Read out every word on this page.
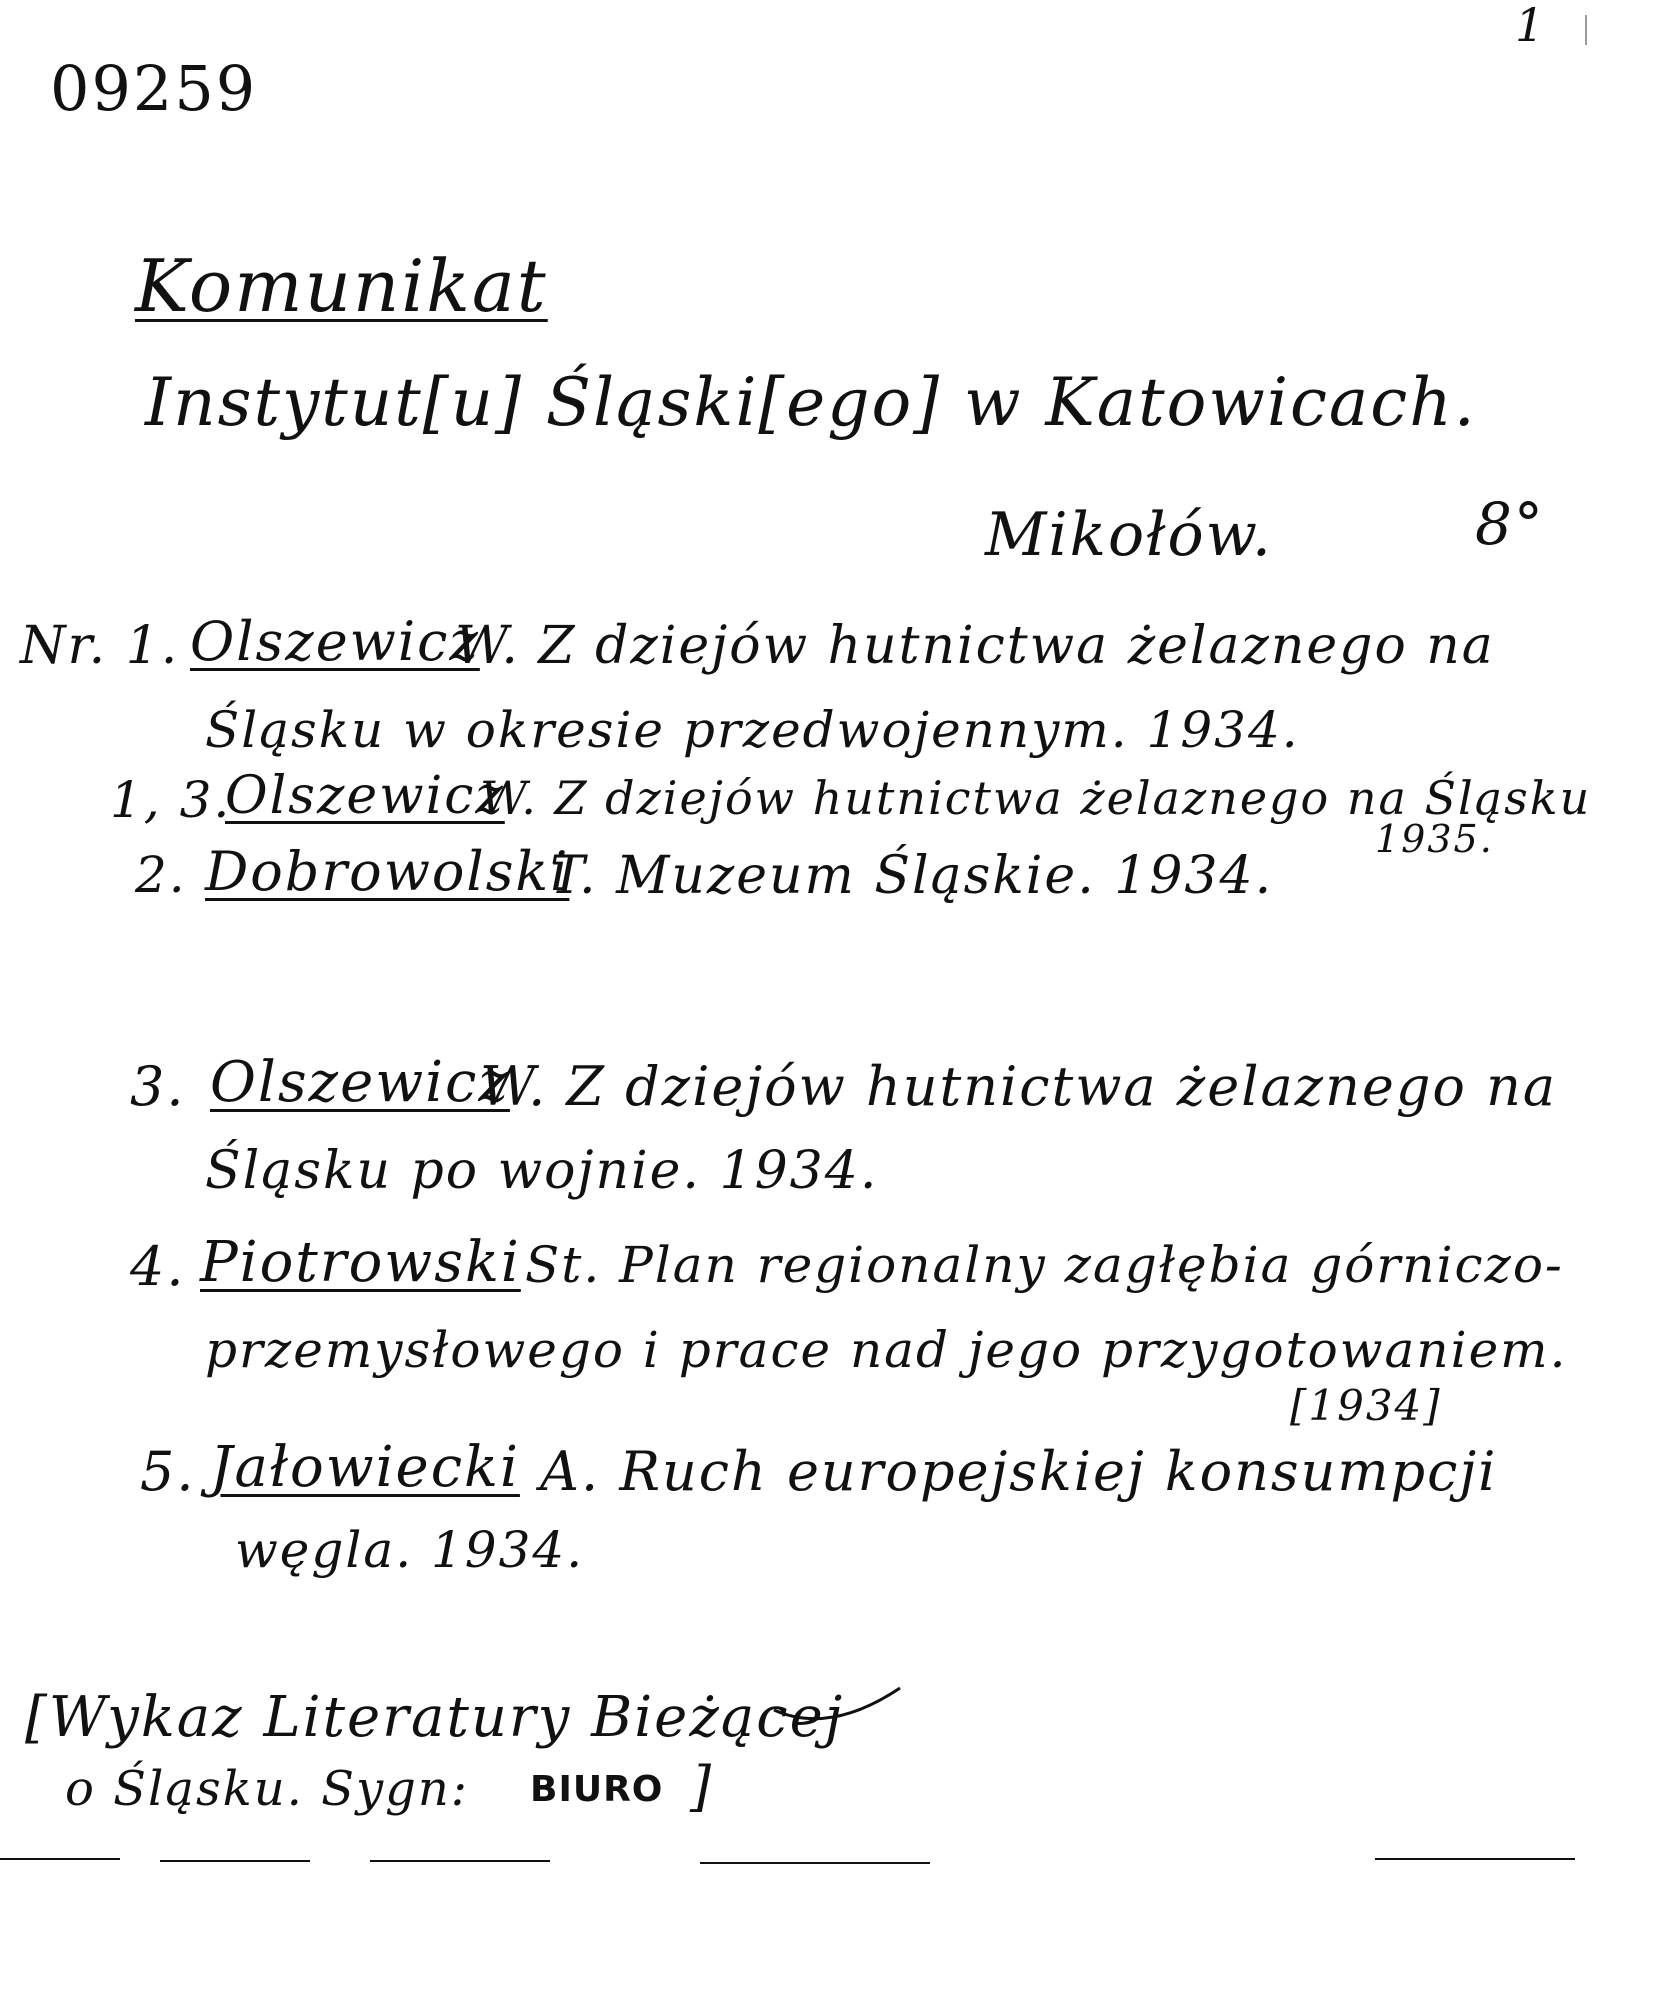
1
09259
Komunikat
Instytut[u] Śląski[ego] w Katowicach.
Mikołów.	8°
Nr. 1. Olszewicz
W. Z dziejów hutnictwa żelaznego na
Śląsku w okresie przedwojennym. 1934.
1, 3.
Olszewicz
W. Z dziejów hutnictwa żelaznego na Śląsku
1935.
2. Dobrowolski
T. Muzeum Śląskie. 1934.
3. Olszewicz
W. Z dziejów hutnictwa żelaznego na
Śląsku po wojnie. 1934.
4. Piotrowski St. Plan regionalny zagłębia górniczo-
przemysłowego i prace nad jego przygotowaniem.
[1934]
5. Jałowiecki A. Ruch europejskiej konsumpcji
węgla. 1934.
[Wykaz Literatury Bieżącej
o Śląsku. Sygn: BIURO ]
